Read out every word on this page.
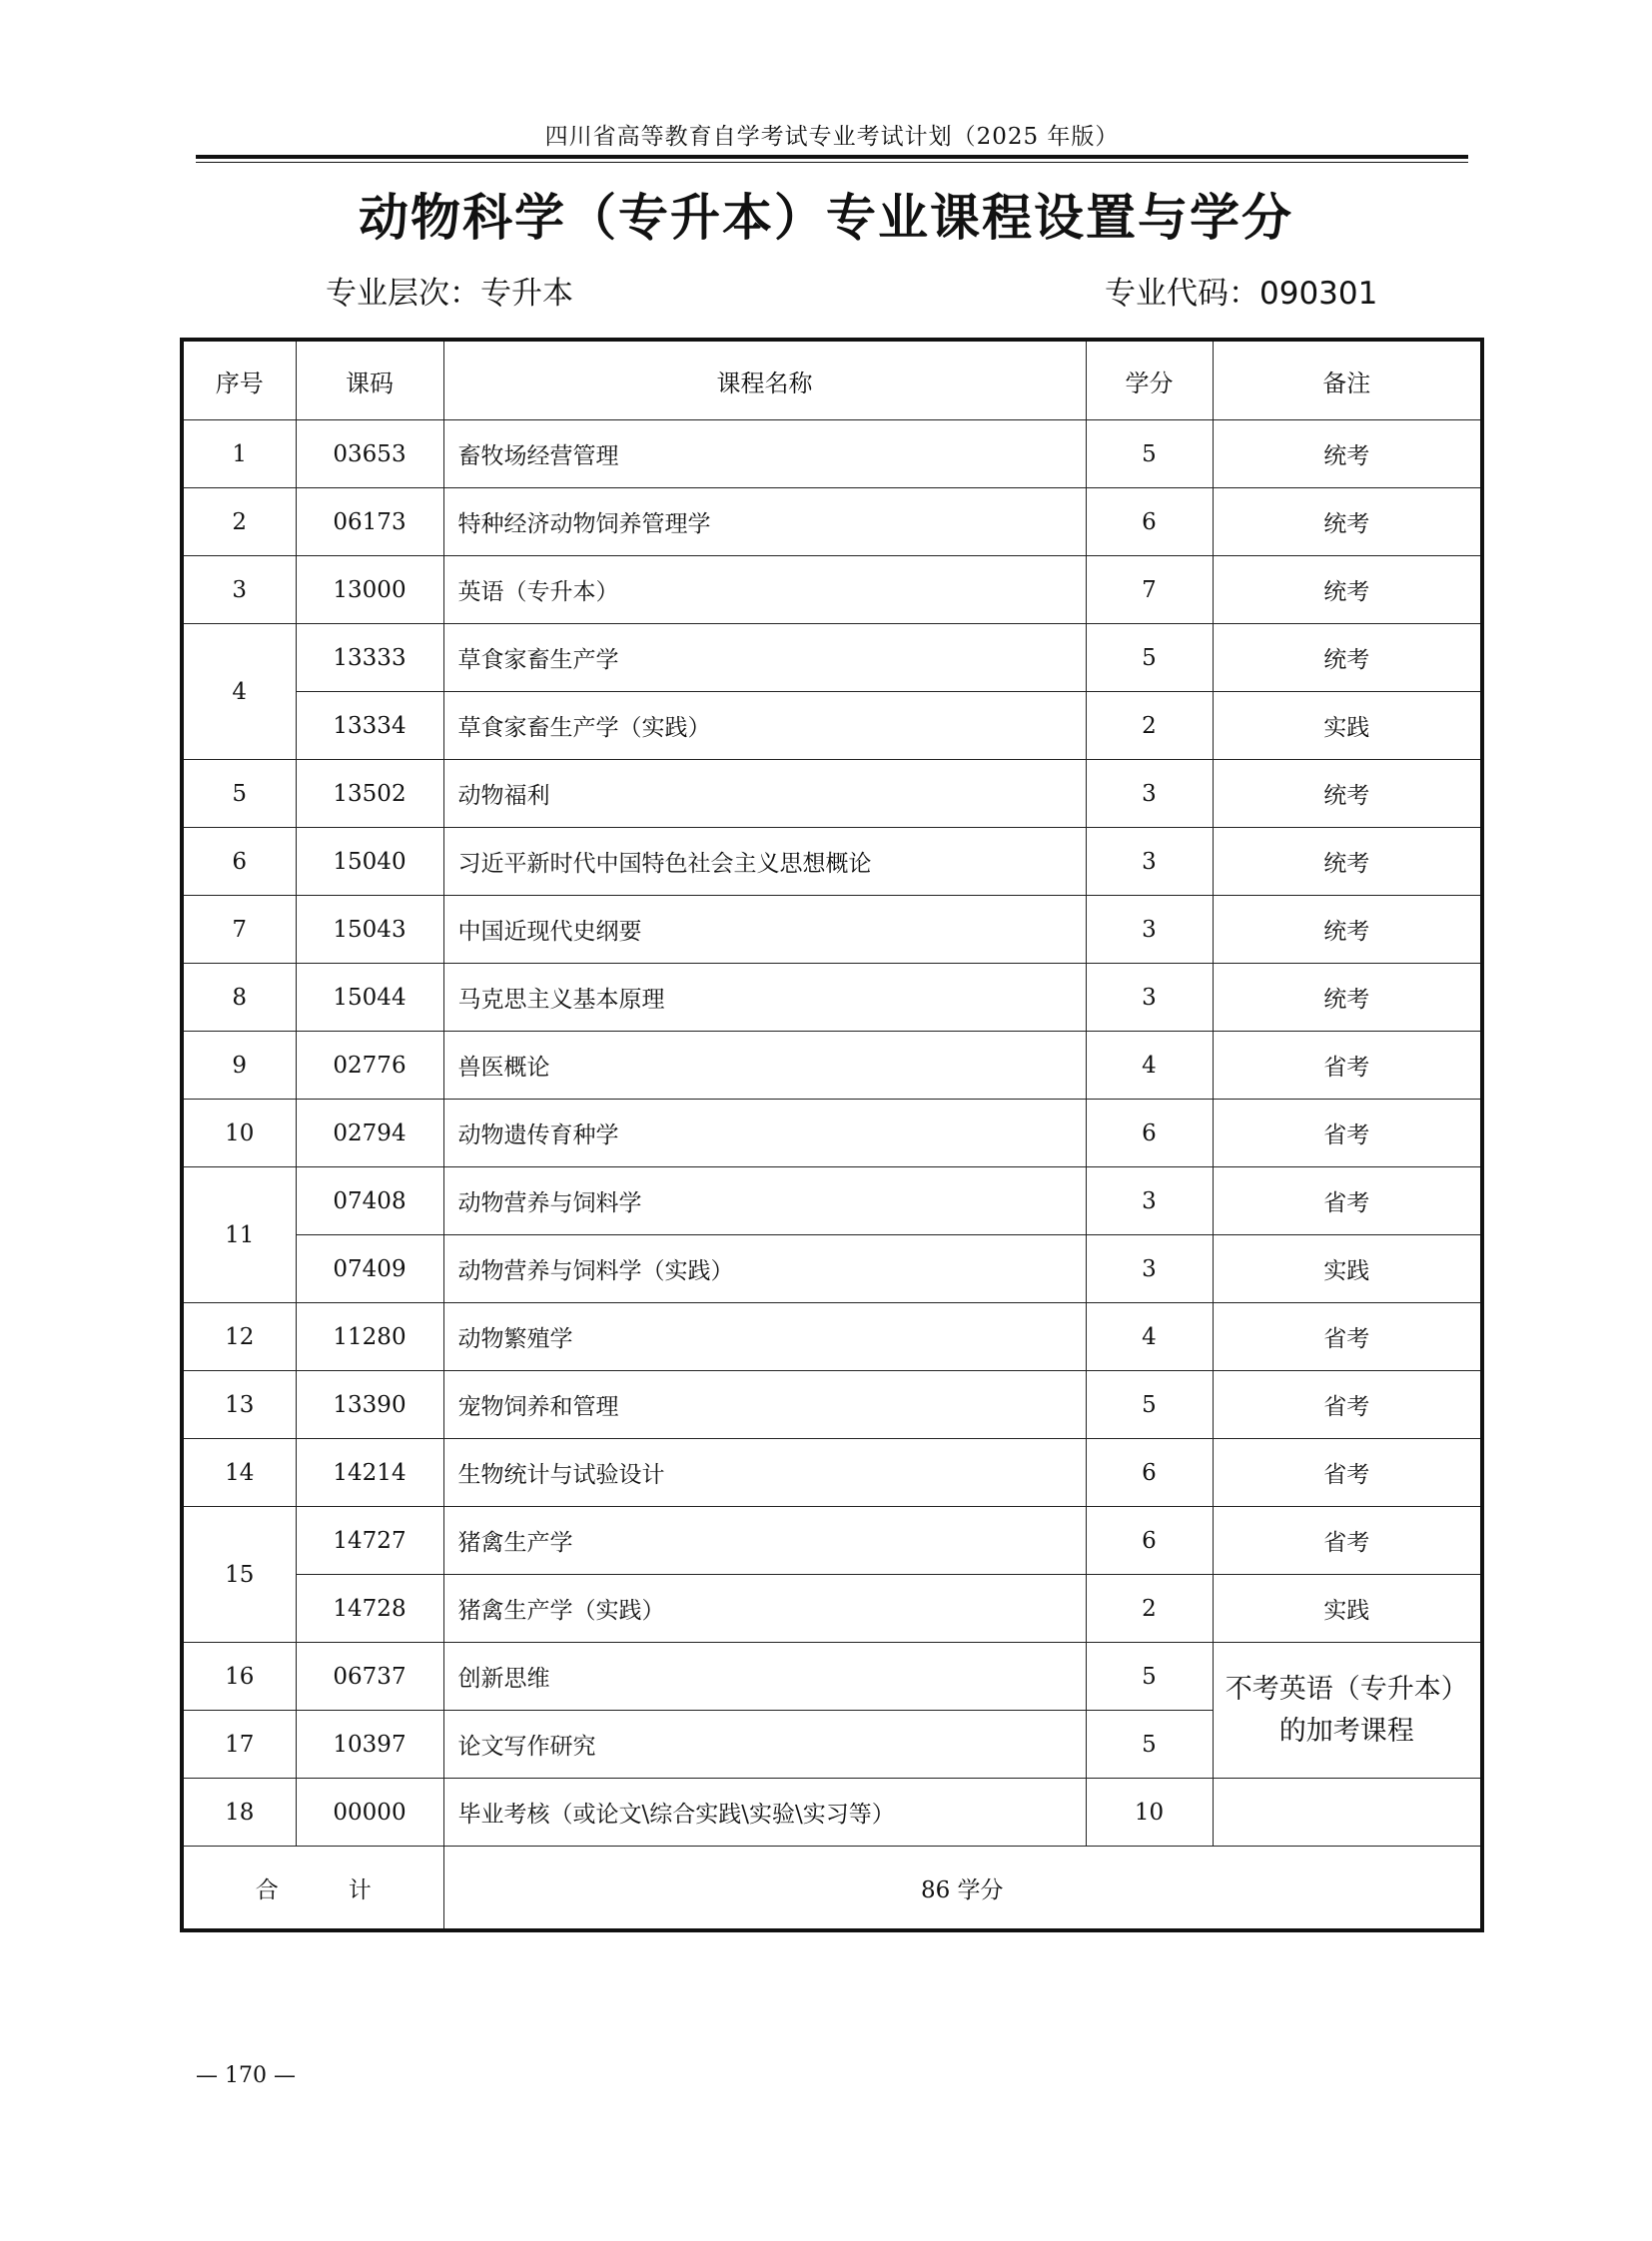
四川省高等教育自学考试专业考试计划（2025 年版）
动物科学（专升本）专业课程设置与学分
专业层次：专升本	专业代码：090301
序号	课码	课程名称	学分	备注
1	03653	畜牧场经营管理	5	统考
2	06173	特种经济动物饲养管理学	6	统考
3	13000	英语（专升本）	7	统考
4	13333	草食家畜生产学	5	统考
	13334	草食家畜生产学（实践）	2	实践
5	13502	动物福利	3	统考
6	15040	习近平新时代中国特色社会主义思想概论	3	统考
7	15043	中国近现代史纲要	3	统考
8	15044	马克思主义基本原理	3	统考
9	02776	兽医概论	4	省考
10	02794	动物遗传育种学	6	省考
11	07408	动物营养与饲料学	3	省考
	07409	动物营养与饲料学（实践）	3	实践
12	11280	动物繁殖学	4	省考
13	13390	宠物饲养和管理	5	省考
14	14214	生物统计与试验设计	6	省考
15	14727	猪禽生产学	6	省考
	14728	猪禽生产学（实践）	2	实践
16	06737	创新思维	5	不考英语（专升本）
的加考课程

17	10397	论文写作研究	5	
18	00000	毕业考核（或论文\综合实践\实验\实习等）	10	
合 计		86 学分		
— 170 —
